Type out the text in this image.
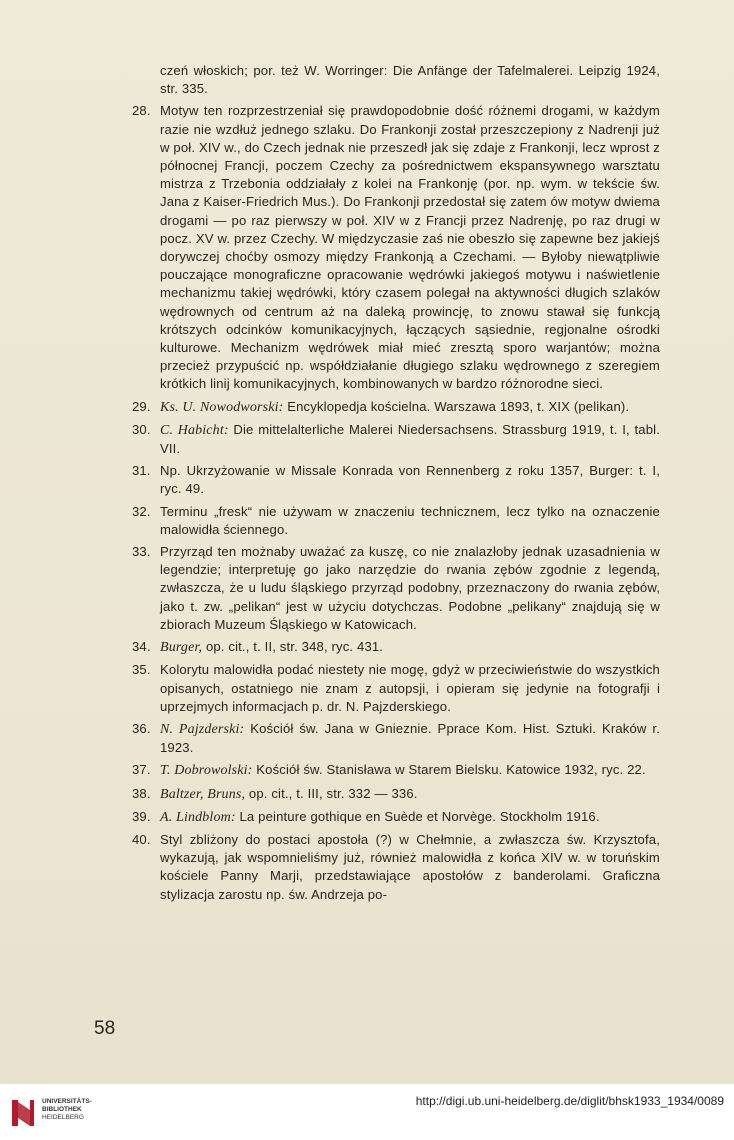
czeń włoskich; por. też W. Worringer: Die Anfänge der Tafelmalerei. Leipzig 1924, str. 335.
28. Motyw ten rozprzestrzeniał się prawdopodobnie dość różnemi drogami, w każdym razie nie wzdłuż jednego szlaku. Do Frankonji został przeszczepiony z Nadrenji już w poł. XIV w., do Czech jednak nie przeszedł jak się zdaje z Frankonji, lecz wprost z północnej Francji, poczem Czechy za pośrednictwem ekspansywnego warsztatu mistrza z Trzebonia oddziałały z kolei na Frankonję (por. np. wym. w tekście św. Jana z Kaiser-Friedrich Mus.). Do Frankonji przedostał się zatem ów motyw dwiema drogami — po raz pierwszy w poł. XIV w z Francji przez Nadrenję, po raz drugi w pocz. XV w. przez Czechy. W międzyczasie zaś nie obeszło się zapewne bez jakiejś dorywczej choćby osmozy między Frankonją a Czechami. — Byłoby niewątpliwie pouczające monograficzne opracowanie wędrówki jakiegoś motywu i naświetlenie mechanizmu takiej wędrówki, który czasem polegał na aktywności długich szlaków wędrownych od centrum aż na daleką prowincję, to znowu stawał się funkcją krótszych odcinków komunikacyjnych, łączących sąsiednie, regjonalne ośrodki kulturowe. Mechanizm wędrówek miał mieć zresztą sporo warjantów; można przecież przypuścić np. współdziałanie długiego szlaku wędrownego z szeregiem krótkich linij komunikacyjnych, kombinowanych w bardzo różnorodne sieci.
29. Ks. U. Nowodworski: Encyklopedja kościelna. Warszawa 1893, t. XIX (pelikan).
30. C. Habicht: Die mittelalterliche Malerei Niedersachsens. Strassburg 1919, t. I, tabl. VII.
31. Np. Ukrzyżowanie w Missale Konrada von Rennenberg z roku 1357, Burger: t. I, ryc. 49.
32. Terminu „fresk“ nie używam w znaczeniu technicznem, lecz tylko na oznaczenie malowidła ściennego.
33. Przyrząd ten możnaby uważać za kuszę, co nie znalazłoby jednak uzasadnienia w legendzie; interpretuję go jako narzędzie do rwania zębów zgodnie z legendą, zwłaszcza, że u ludu śląskiego przyrząd podobny, przeznaczony do rwania zębów, jako t. zw. „pelikan“ jest w użyciu dotychczas. Podobne „pelikany“ znajdują się w zbiorach Muzeum Śląskiego w Katowicach.
34. Burger, op. cit., t. II, str. 348, ryc. 431.
35. Kolorytu malowidła podać niestety nie mogę, gdyż w przeciwieństwie do wszystkich opisanych, ostatniego nie znam z autopsji, i opieram się jedynie na fotografji i uprzejmych informacjach p. dr. N. Pajzderskiego.
36. N. Pajzderski: Kościół św. Jana w Gnieznie. Pprace Kom. Hist. Sztuki. Kraków r. 1923.
37. T. Dobrowolski: Kościół św. Stanisława w Starem Bielsku. Katowice 1932, ryc. 22.
38. Baltzer, Bruns, op. cit., t. III, str. 332 — 336.
39. A. Lindblom: La peinture gothique en Suède et Norvège. Stockholm 1916.
40. Styl zbliżony do postaci apostoła (?) w Chełmnie, a zwłaszcza św. Krzysztofa, wykazują, jak wspomnieliśmy już, również malowidła z końca XIV w. w toruńskim kościele Panny Marji, przedstawiające apostołów z banderolami. Graficzna stylizacja zarostu np. św. Andrzeja po-
58
UNIVERSITÄTS-
BIBLIOTHEK
HEIDELBERG
http://digi.ub.uni-heidelberg.de/diglit/bhsk1933_1934/0089
